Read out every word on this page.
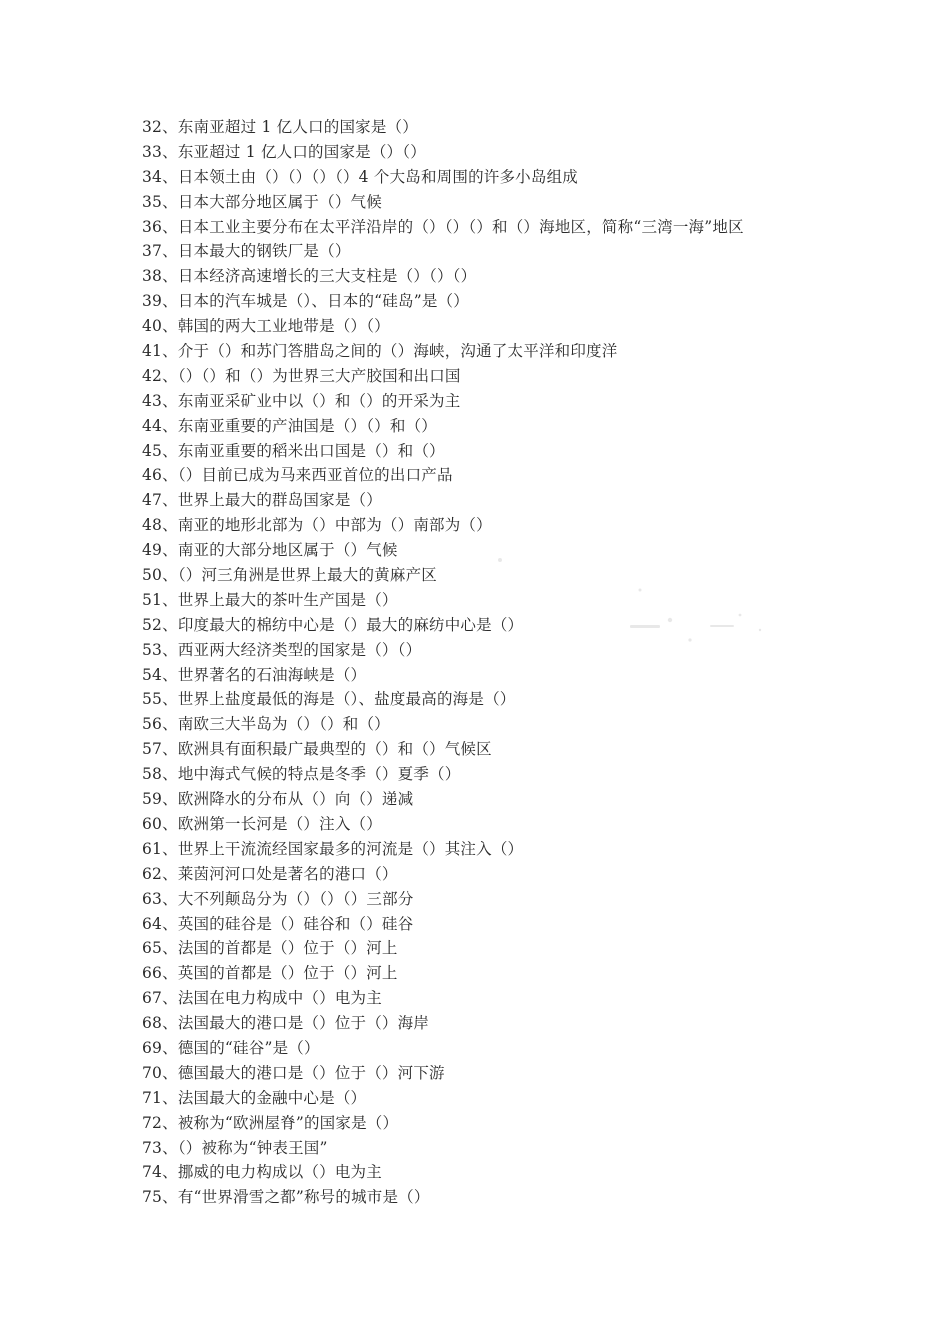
32、东南亚超过 1 亿人口的国家是（）
33、东亚超过 1 亿人口的国家是（）（）
34、日本领土由（）（）（）（）4 个大岛和周围的许多小岛组成
35、日本大部分地区属于（）气候
36、日本工业主要分布在太平洋沿岸的（）（）（）和（）海地区，简称“三湾一海”地区
37、日本最大的钢铁厂是（）
38、日本经济高速增长的三大支柱是（）（）（）
39、日本的汽车城是（）、日本的“硅岛”是（）
40、韩国的两大工业地带是（）（）
41、介于（）和苏门答腊岛之间的（）海峡，沟通了太平洋和印度洋
42、（）（）和（）为世界三大产胶国和出口国
43、东南亚采矿业中以（）和（）的开采为主
44、东南亚重要的产油国是（）（）和（）
45、东南亚重要的稻米出口国是（）和（）
46、（）目前已成为马来西亚首位的出口产品
47、世界上最大的群岛国家是（）
48、南亚的地形北部为（）中部为（）南部为（）
49、南亚的大部分地区属于（）气候
50、（）河三角洲是世界上最大的黄麻产区
51、世界上最大的茶叶生产国是（）
52、印度最大的棉纺中心是（）最大的麻纺中心是（）
53、西亚两大经济类型的国家是（）（）
54、世界著名的石油海峡是（）
55、世界上盐度最低的海是（）、盐度最高的海是（）
56、南欧三大半岛为（）（）和（）
57、欧洲具有面积最广最典型的（）和（）气候区
58、地中海式气候的特点是冬季（）夏季（）
59、欧洲降水的分布从（）向（）递减
60、欧洲第一长河是（）注入（）
61、世界上干流流经国家最多的河流是（）其注入（）
62、莱茵河河口处是著名的港口（）
63、大不列颠岛分为（）（）（）三部分
64、英国的硅谷是（）硅谷和（）硅谷
65、法国的首都是（）位于（）河上
66、英国的首都是（）位于（）河上
67、法国在电力构成中（）电为主
68、法国最大的港口是（）位于（）海岸
69、德国的“硅谷”是（）
70、德国最大的港口是（）位于（）河下游
71、法国最大的金融中心是（）
72、被称为“欧洲屋脊”的国家是（）
73、（）被称为“钟表王国”
74、挪威的电力构成以（）电为主
75、有“世界滑雪之都”称号的城市是（）
